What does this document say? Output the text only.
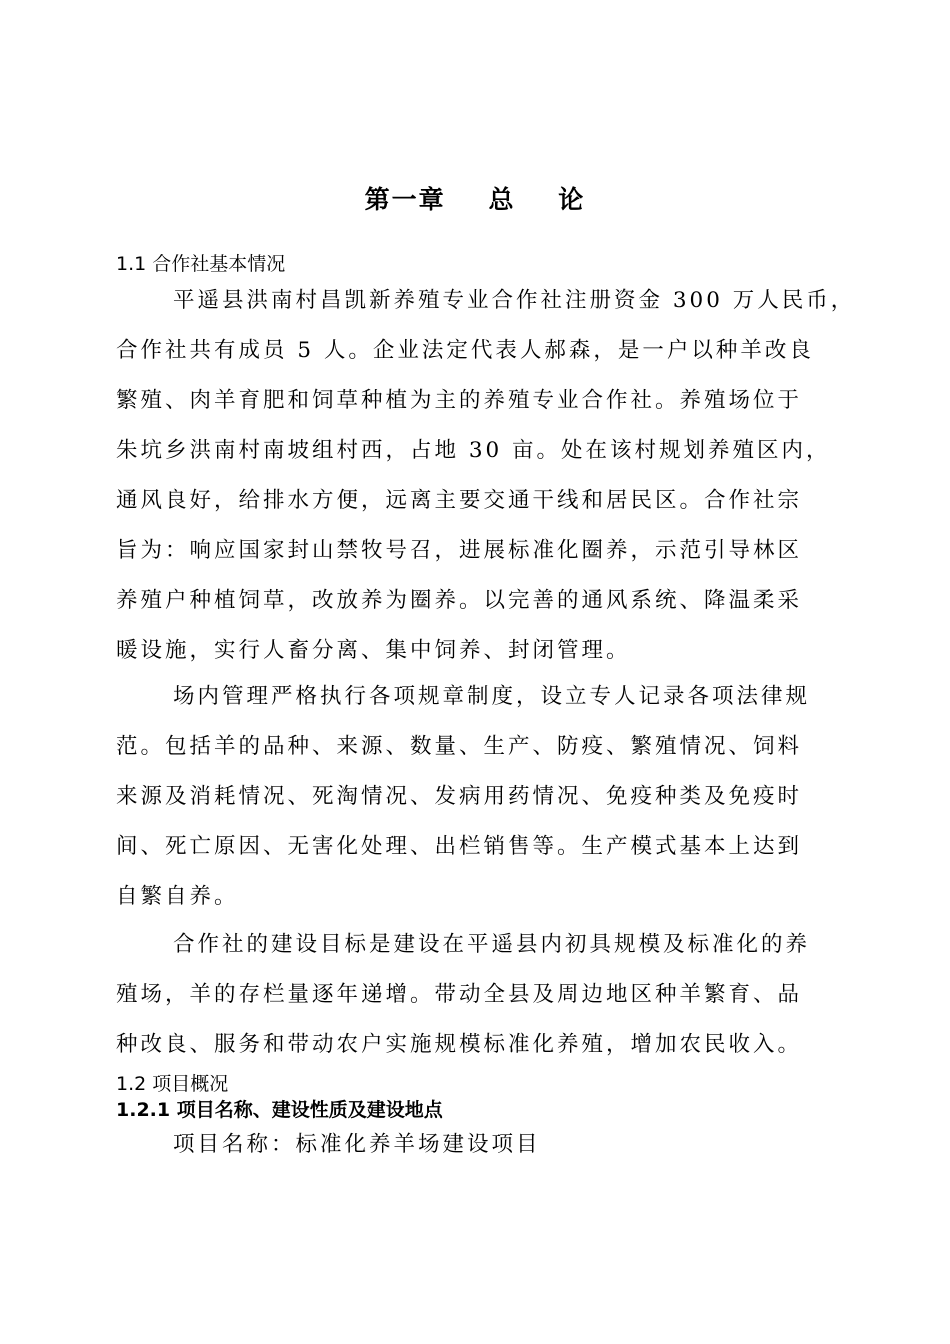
第一章    总    论
1.1 合作社基本情况
平遥县洪南村昌凯新养殖专业合作社注册资金 300 万人民币，
合作社共有成员 5 人。企业法定代表人郝森，是一户以种羊改良
繁殖、肉羊育肥和饲草种植为主的养殖专业合作社。养殖场位于
朱坑乡洪南村南坡组村西，占地 30 亩。处在该村规划养殖区内，
通风良好，给排水方便，远离主要交通干线和居民区。合作社宗
旨为：响应国家封山禁牧号召，进展标准化圈养，示范引导林区
养殖户种植饲草，改放养为圈养。以完善的通风系统、降温柔采
暖设施，实行人畜分离、集中饲养、封闭管理。
场内管理严格执行各项规章制度，设立专人记录各项法律规
范。包括羊的品种、来源、数量、生产、防疫、繁殖情况、饲料
来源及消耗情况、死淘情况、发病用药情况、免疫种类及免疫时
间、死亡原因、无害化处理、出栏销售等。生产模式基本上达到
自繁自养。
合作社的建设目标是建设在平遥县内初具规模及标准化的养
殖场，羊的存栏量逐年递增。带动全县及周边地区种羊繁育、品
种改良、服务和带动农户实施规模标准化养殖，增加农民收入。
1.2 项目概况
1.2.1 项目名称、建设性质及建设地点
项目名称：标准化养羊场建设项目
